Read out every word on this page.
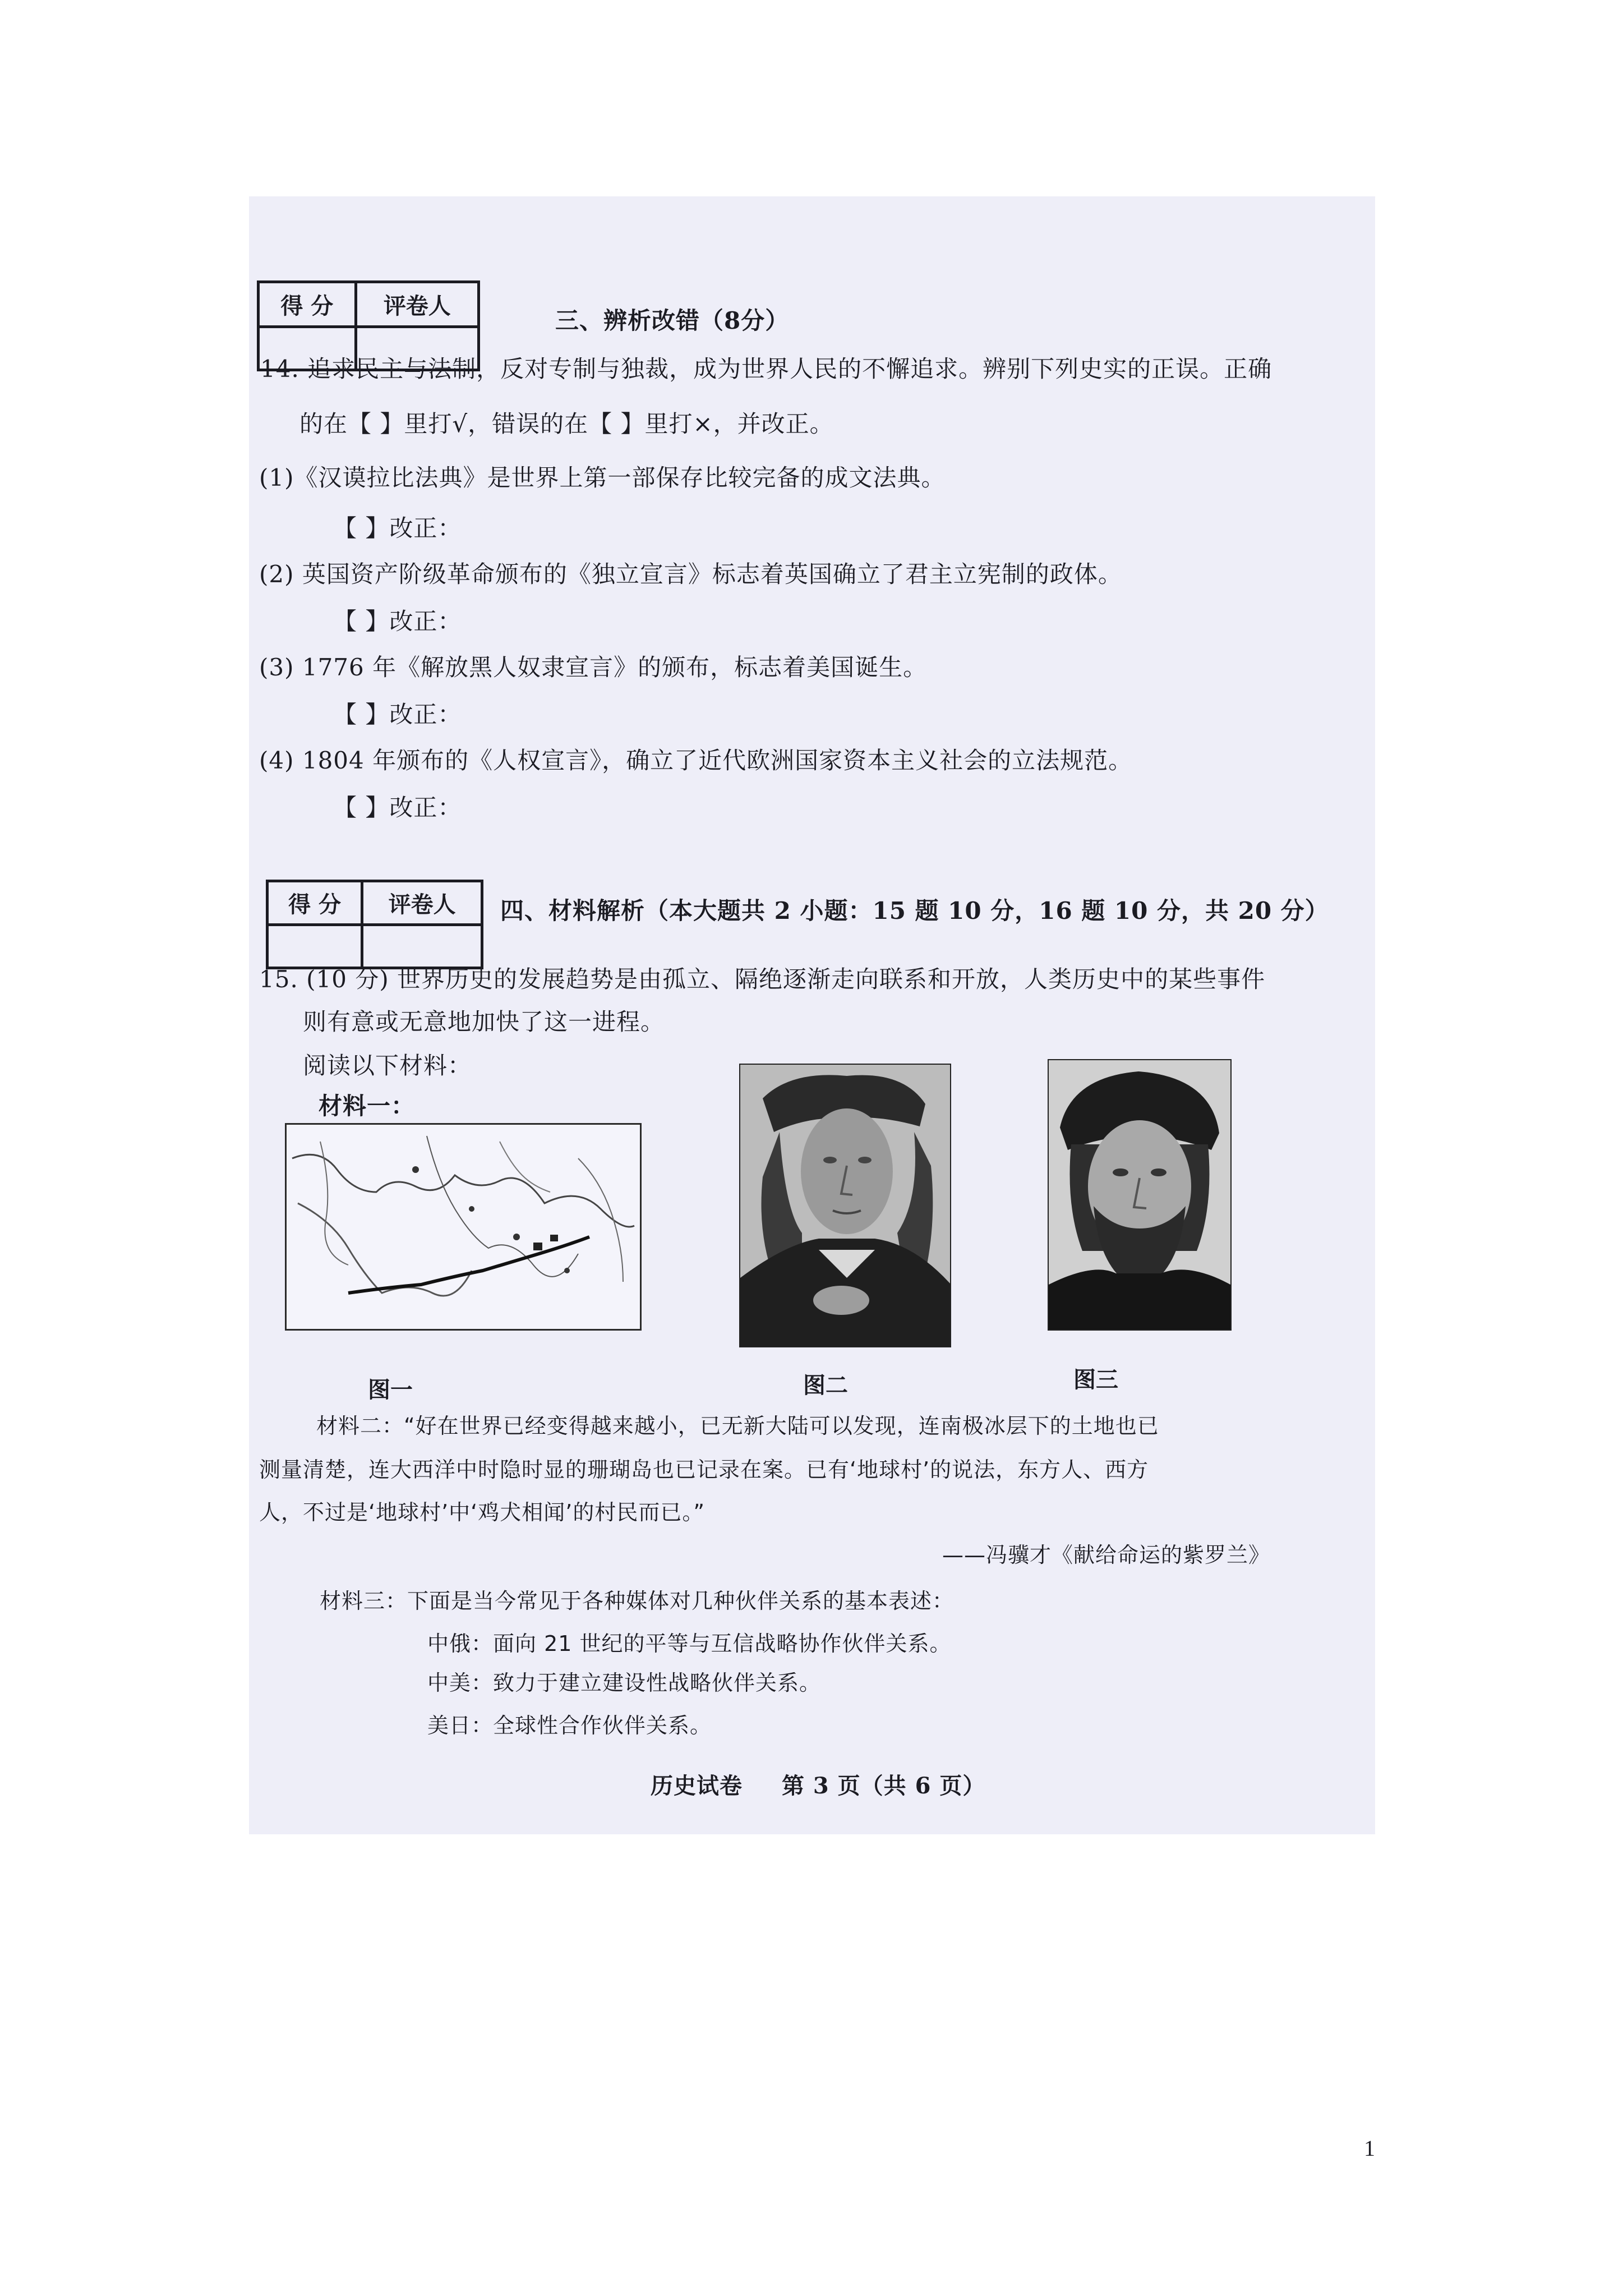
得 分	评卷人

三、辨析改错（8分）
14. 追求民主与法制，反对专制与独裁，成为世界人民的不懈追求。辨别下列史实的正误。正确
的在【 】里打√，错误的在【 】里打×，并改正。
(1)《汉谟拉比法典》是世界上第一部保存比较完备的成文法典。
【 】改正：
(2) 英国资产阶级革命颁布的《独立宣言》标志着英国确立了君主立宪制的政体。
【 】改正：
(3) 1776 年《解放黑人奴隶宣言》的颁布，标志着美国诞生。
【 】改正：
(4) 1804 年颁布的《人权宣言》，确立了近代欧洲国家资本主义社会的立法规范。
【 】改正：
得 分	评卷人
	四、材料解析（本大题共 2 小题：15 题 10 分，16 题 10 分，共 20 分）
15. (10 分) 世界历史的发展趋势是由孤立、隔绝逐渐走向联系和开放，人类历史中的某些事件
则有意或无意地加快了这一进程。
阅读以下材料：
材料一：
图一	图二	图三
材料二：“好在世界已经变得越来越小，已无新大陆可以发现，连南极冰层下的土地也已
测量清楚，连大西洋中时隐时显的珊瑚岛也已记录在案。已有‘地球村’的说法，东方人、西方
人，不过是‘地球村’中‘鸡犬相闻’的村民而已。”
——冯骥才《献给命运的紫罗兰》
材料三：下面是当今常见于各种媒体对几种伙伴关系的基本表述：
中俄：面向 21 世纪的平等与互信战略协作伙伴关系。
中美：致力于建立建设性战略伙伴关系。
美日：全球性合作伙伴关系。
历史试卷 第 3 页（共 6 页）
1
